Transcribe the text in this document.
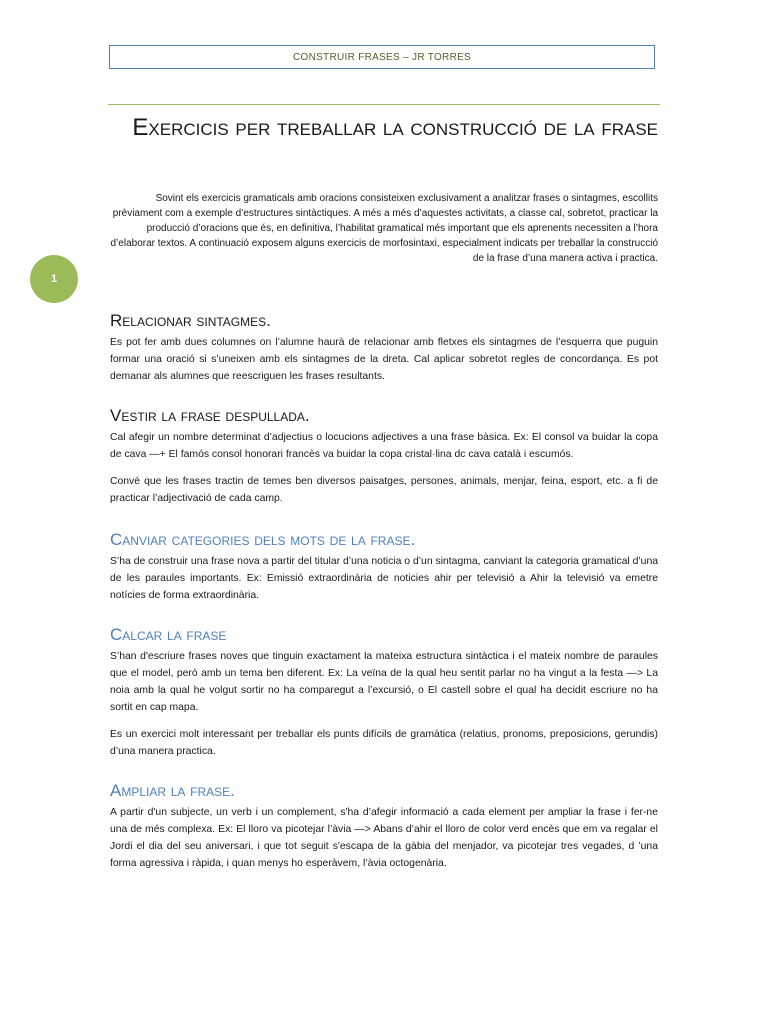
CONSTRUIR FRASES – JR TORRES
Exercicis per treballar la construcció de la frase

Sovint els exercicis gramaticals amb oracions consisteixen exclusivament a analitzar frases o sintagmes, escollits prèviament com a exemple d’estructures sintàctiques. A més a més d’aquestes activitats, a classe cal, sobretot, practicar la producció d’oracions que és, en definitiva, l’habilitat gramatical més important que els aprenents necessiten a l’hora d’elaborar textos. A continuació exposem alguns exercicis de morfosintaxi, especialment indicats per treballar la construcció de la frase d’una manera activa i practica.

1
Relacionar sintagmes.

Es pot fer amb dues columnes on l’alumne haurà de relacionar amb fletxes els sintagmes de l’esquerra que puguin formar una oració si s’uneixen amb els sintagmes de la dreta. Cal aplicar sobretot regles de concordança. Es pot demanar als alumnes que reescriguen les frases resultants.

Vestir la frase despullada.

Cal afegir un nombre determinat d’adjectius o locucions adjectives a una frase bàsica. Ex: El consol va buidar la copa de cava —+ El famós consol honorari francès va buidar la copa cristal·lina dc cava català i escumós.

Convé que les frases tractin de temes ben diversos paisatges, persones, animals, menjar, feina, esport, etc. a fi de practicar l’adjectivació de cada camp.

Canviar categories dels mots de la frase.

S’ha de construir una frase nova a partir del titular d’una noticia o d’un sintagma, canviant la categoria gramatical d’una de les paraules importants. Ex: Emissió extraordinària de noticies ahir per televisió a Ahir la televisió va emetre notícies de forma extraordinària.

Calcar la frase

S’han d'escriure frases noves que tinguin exactament la mateixa estructura sintàctica i el mateix nombre de paraules que el model, però amb un tema ben diferent. Ex: La veïna de la qual heu sentit parlar no ha vingut a la festa —> La noia amb la qual he volgut sortir no ha comparegut a l’excursió, o El castell sobre el qual ha decidit escriure no ha sortit en cap mapa.

Es un exercici molt interessant per treballar els punts difícils de gramàtica (relatius, pronoms, preposicions, gerundis) d’una manera practica.

Ampliar la frase.

A partir d'un subjecte, un verb i un complement, s'ha d’afegir informació a cada element per ampliar la frase i fer-ne una de més complexa. Ex: El lloro va picotejar l’àvia —> Abans d’ahir el lloro de color verd encès que em va regalar el Jordi el dia del seu aniversari, i que tot seguit s'escapa de la gàbia del menjador, va picotejar tres vegades, d ’una forma agressiva i ràpida, i quan menys ho esperàvem, l’àvia octogenària.
